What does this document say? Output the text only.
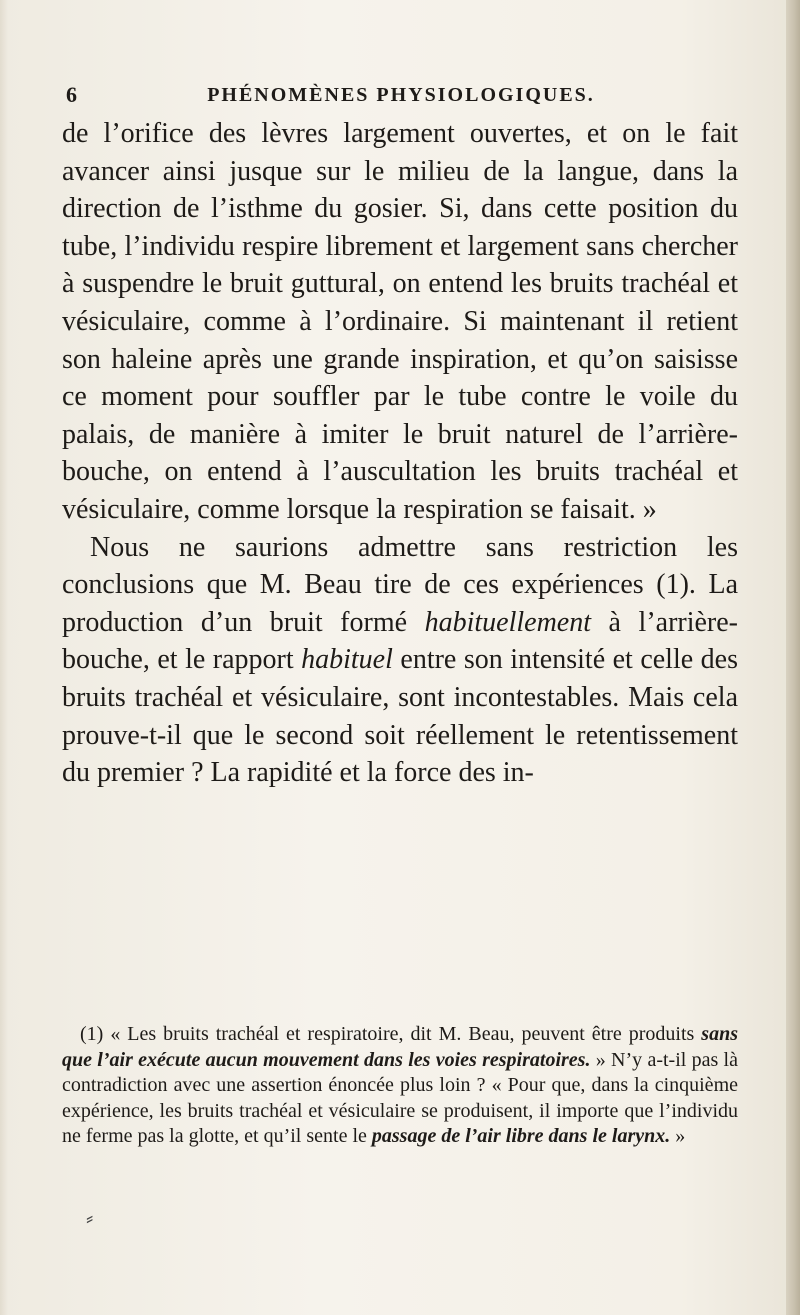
6	PHÉNOMÈNES PHYSIOLOGIQUES.

de l’orifice des lèvres largement ouvertes, et on le fait avancer ainsi jusque sur le milieu de la langue, dans la direction de l’isthme du gosier. Si, dans cette position du tube, l’individu respire librement et largement sans chercher à suspendre le bruit guttural, on entend les bruits trachéal et vésiculaire, comme à l’ordinaire. Si maintenant il retient son haleine après une grande inspiration, et qu’on saisisse ce moment pour souffler par le tube contre le voile du palais, de manière à imiter le bruit naturel de l’arrière-bouche, on entend à l’auscultation les bruits trachéal et vésiculaire, comme lorsque la respiration se faisait. »

Nous ne saurions admettre sans restriction les conclusions que M. Beau tire de ces expériences (1). La production d’un bruit formé habituellement à l’arrière-bouche, et le rapport habituel entre son intensité et celle des bruits trachéal et vésiculaire, sont incontestables. Mais cela prouve-t-il que le second soit réellement le retentissement du premier ? La rapidité et la force des in-

(1) « Les bruits trachéal et respiratoire, dit M. Beau, peuvent être produits sans que l’air exécute aucun mouvement dans les voies respiratoires. » N’y a-t-il pas là contradiction avec une assertion énoncée plus loin ? « Pour que, dans la cinquième expérience, les bruits trachéal et vésiculaire se produisent, il importe que l’individu ne ferme pas la glotte, et qu’il sente le passage de l’air libre dans le larynx. »

⸗
